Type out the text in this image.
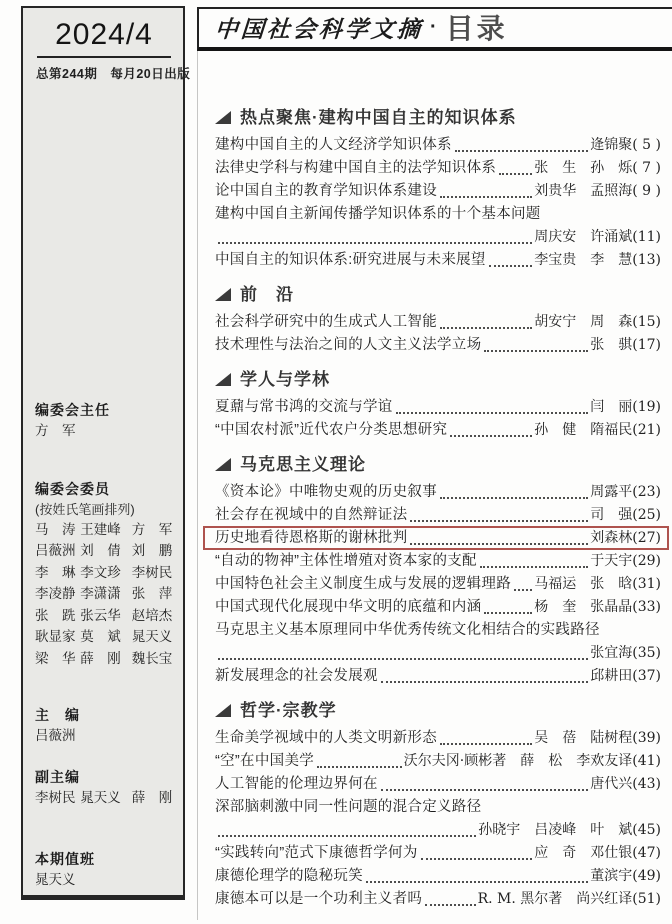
2024/4
总第244期　每月20日出版
编委会主任
方　军
编委会委员
(按姓氏笔画排列)
马　涛 王建峰 方　军
吕薇洲 刘　倩 刘　鹏
李　琳 李文珍 李树民
李凌静 李潇潇 张　萍
张　跣 张云华 赵培杰
耿显家 莫　斌 晁天义
梁　华 薛　刚 魏长宝
主　编
吕薇洲
副主编
李树民 晁天义 薛　刚
本期值班
晁天义
中国社会科学文摘 · 目录
热点聚焦·建构中国自主的知识体系
建构中国自主的人文经济学知识体系	逄锦聚 ( 5 )
法律史学科与构建中国自主的法学知识体系	张　生　孙　烁 ( 7 )
论中国自主的教育学知识体系建设	刘贵华　孟照海 ( 9 )
建构中国自主新闻传播学知识体系的十个基本问题
周庆安　许涌斌 (11)
中国自主的知识体系:研究进展与未来展望	李宝贵　李　慧 (13)
前　沿
社会科学研究中的生成式人工智能	胡安宁　周　森 (15)
技术理性与法治之间的人文主义法学立场	张　骐 (17)
学人与学林
夏鼐与常书鸿的交流与学谊	闫　丽 (19)
“中国农村派”近代农户分类思想研究	孙　健　隋福民 (21)
马克思主义理论
《资本论》中唯物史观的历史叙事	周露平 (23)
社会存在视域中的自然辩证法	司　强 (25)
历史地看待恩格斯的谢林批判	刘森林 (27)
“自动的物神”主体性增殖对资本家的支配	于天宇 (29)
中国特色社会主义制度生成与发展的逻辑理路 马福运　张　晗 (31)
中国式现代化展现中华文明的底蕴和内涵	杨　奎　张晶晶 (33)
马克思主义基本原理同中华优秀传统文化相结合的实践路径
张宜海 (35)
新发展理念的社会发展观	邱耕田 (37)
哲学·宗教学
生命美学视域中的人类文明新形态	吴　蓓　陆树程 (39)
“空”在中国美学	沃尔夫冈·顾彬著　薛　松　李欢友译 (41)
人工智能的伦理边界何在	唐代兴 (43)
深部脑刺激中同一性问题的混合定义路径
孙晓宇　吕凌峰　叶　斌 (45)
“实践转向”范式下康德哲学何为	应　奇　邓仕银 (47)
康德伦理学的隐秘玩笑	董滨宇 (49)
康德本可以是一个功利主义者吗	R. M. 黑尔著　尚兴红译 (51)
